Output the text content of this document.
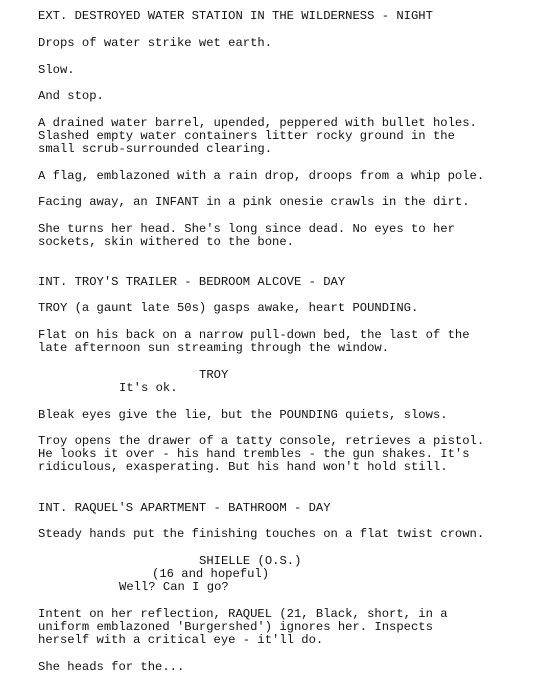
EXT. DESTROYED WATER STATION IN THE WILDERNESS - NIGHT
Drops of water strike wet earth.
Slow.
And stop.
A drained water barrel, upended, peppered with bullet holes.
Slashed empty water containers litter rocky ground in the
small scrub-surrounded clearing.
A flag, emblazoned with a rain drop, droops from a whip pole.
Facing away, an INFANT in a pink onesie crawls in the dirt.
She turns her head. She's long since dead. No eyes to her
sockets, skin withered to the bone.
INT. TROY'S TRAILER - BEDROOM ALCOVE - DAY
TROY (a gaunt late 50s) gasps awake, heart POUNDING.
Flat on his back on a narrow pull-down bed, the last of the
late afternoon sun streaming through the window.
TROY
It's ok.
Bleak eyes give the lie, but the POUNDING quiets, slows.
Troy opens the drawer of a tatty console, retrieves a pistol.
He looks it over - his hand trembles - the gun shakes. It's
ridiculous, exasperating. But his hand won't hold still.
INT. RAQUEL'S APARTMENT - BATHROOM - DAY
Steady hands put the finishing touches on a flat twist crown.
SHIELLE (O.S.)
(16 and hopeful)
Well? Can I go?
Intent on her reflection, RAQUEL (21, Black, short, in a
uniform emblazoned 'Burgershed') ignores her. Inspects
herself with a critical eye - it'll do.
She heads for the...
